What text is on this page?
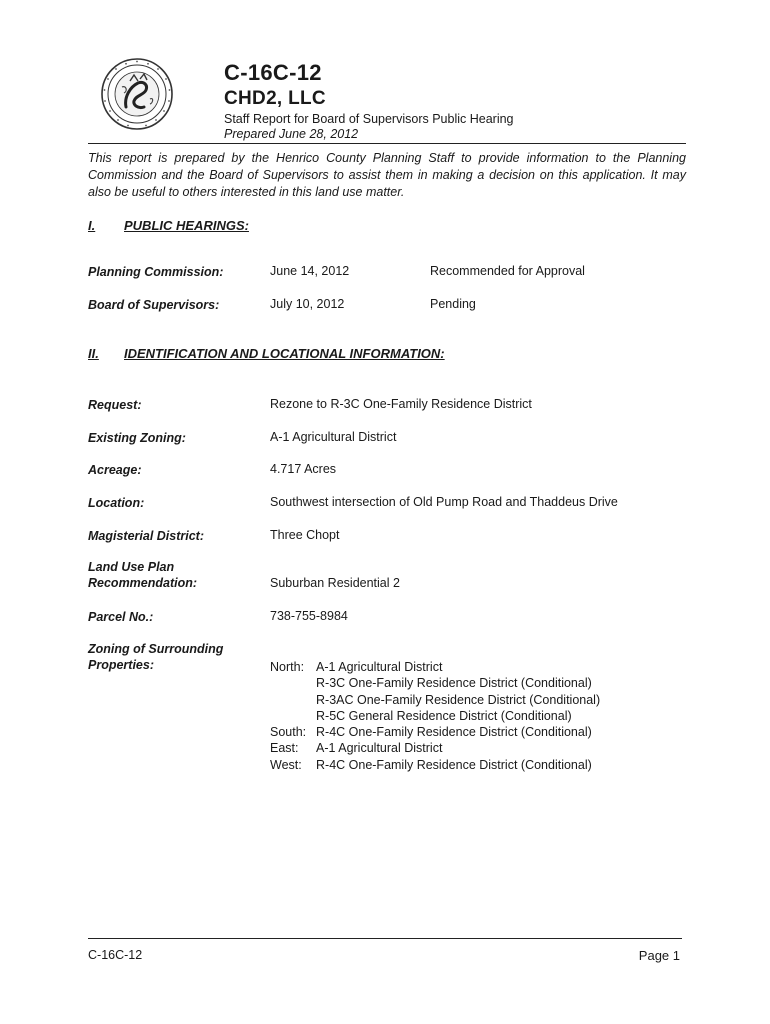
C-16C-12
CHD2, LLC
Staff Report for Board of Supervisors Public Hearing
Prepared June 28, 2012
This report is prepared by the Henrico County Planning Staff to provide information to the Planning Commission and the Board of Supervisors to assist them in making a decision on this application. It may also be useful to others interested in this land use matter.
I. PUBLIC HEARINGS:
Planning Commission:	June 14, 2012	Recommended for Approval
Board of Supervisors:	July 10, 2012	Pending
II. IDENTIFICATION AND LOCATIONAL INFORMATION:
Request:	Rezone to R-3C One-Family Residence District
Existing Zoning:	A-1 Agricultural District
Acreage:	4.717 Acres
Location:	Southwest intersection of Old Pump Road and Thaddeus Drive
Magisterial District:	Three Chopt
Land Use Plan
Recommendation:	Suburban Residential 2
Parcel No.:	738-755-8984
Zoning of Surrounding
Properties:	North: A-1 Agricultural District
R-3C One-Family Residence District (Conditional)
R-3AC One-Family Residence District (Conditional)
R-5C General Residence District (Conditional)
South: R-4C One-Family Residence District (Conditional)
East:	A-1 Agricultural District
West:	R-4C One-Family Residence District (Conditional)
C-16C-12	Page 1
